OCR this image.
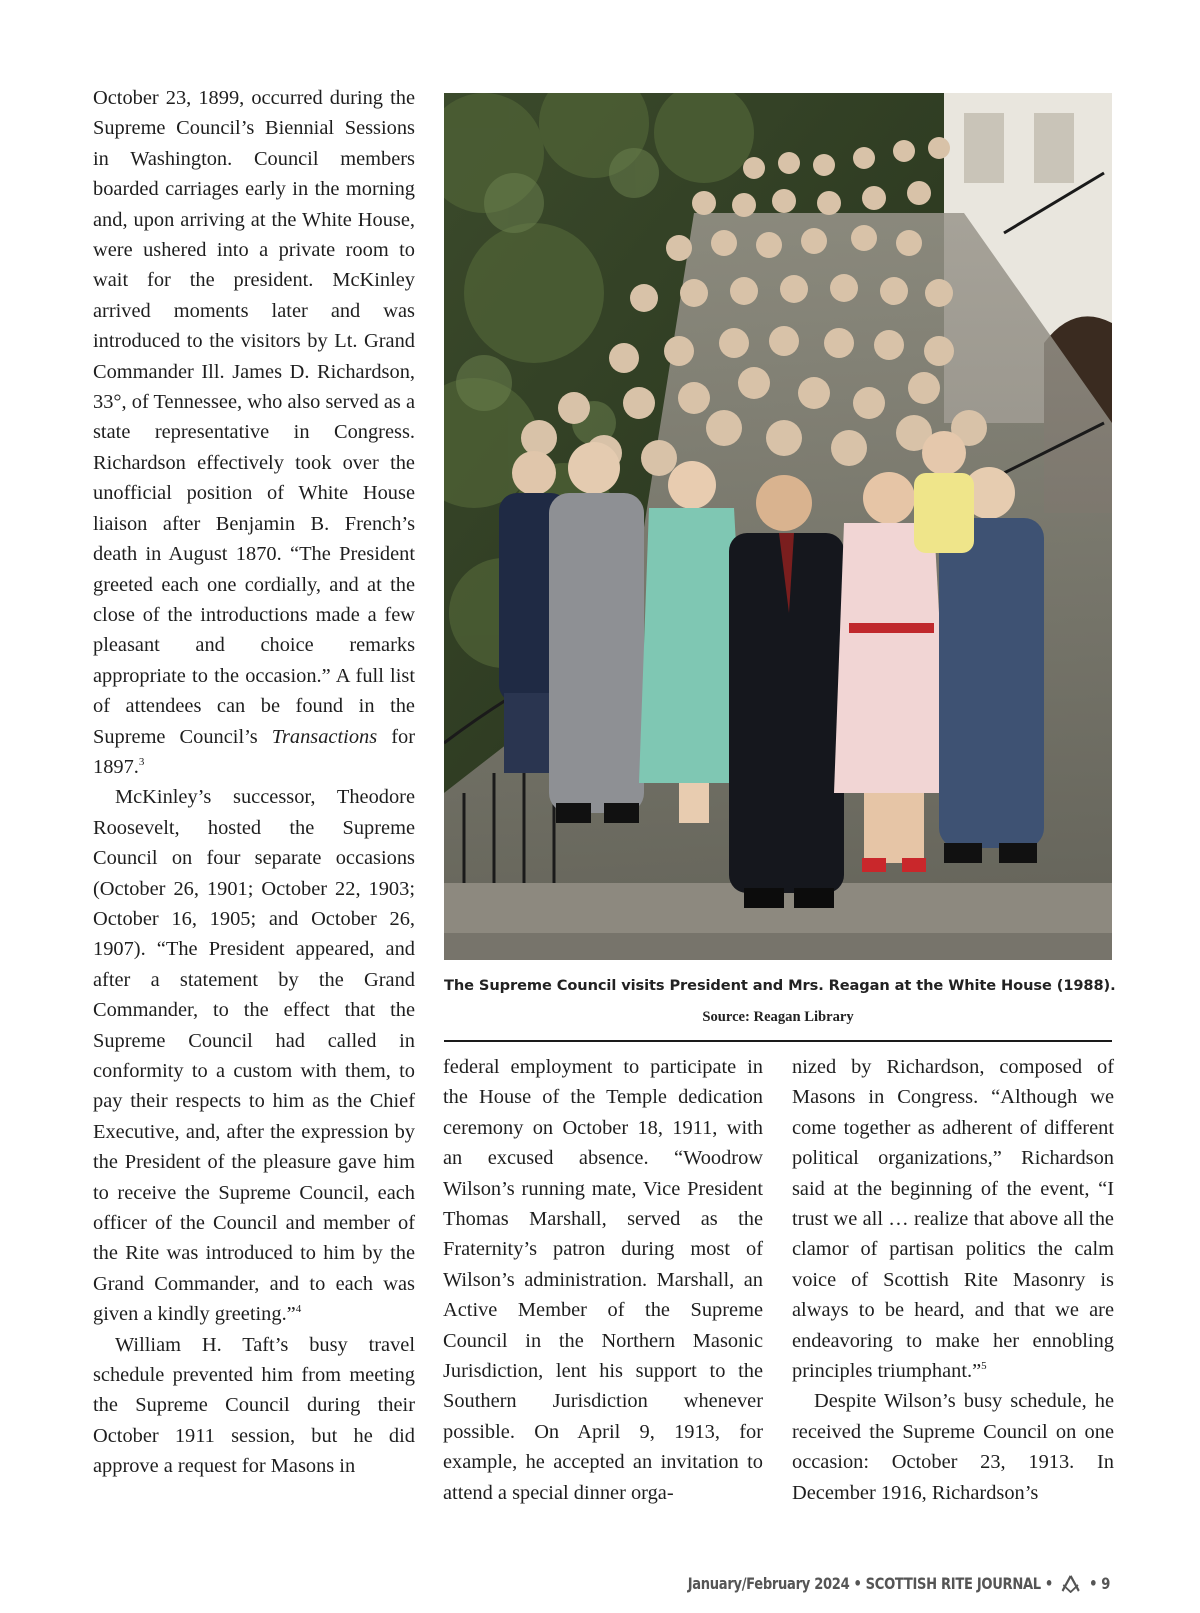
October 23, 1899, occurred during the Supreme Council’s Biennial Sessions in Washington. Council members boarded carriages early in the morning and, upon arriving at the White House, were ushered into a private room to wait for the president. McKinley arrived moments later and was introduced to the visitors by Lt. Grand Commander Ill. James D. Richardson, 33°, of Tennessee, who also served as a state representative in Congress. Richardson effectively took over the unofficial position of White House liaison after Benjamin B. French’s death in August 1870. “The President greeted each one cordially, and at the close of the introductions made a few pleasant and choice remarks appropriate to the occasion.” A full list of attendees can be found in the Supreme Council’s Transactions for 1897.$^3$

McKinley’s successor, Theodore Roosevelt, hosted the Supreme Council on four separate occasions (October 26, 1901; October 22, 1903; October 16, 1905; and October 26, 1907). “The President appeared, and after a statement by the Grand Commander, to the effect that the Supreme Council had called in conformity to a custom with them, to pay their respects to him as the Chief Executive, and, after the expression by the President of the pleasure gave him to receive the Supreme Council, each officer of the Council and member of the Rite was introduced to him by the Grand Commander, and to each was given a kindly greeting.”$^4$

William H. Taft’s busy travel schedule prevented him from meeting the Supreme Council during their October 1911 session, but he did approve a request for Masons in

The Supreme Council visits President and Mrs. Reagan at the White House (1988).
Source: Reagan Library

federal employment to participate in the House of the Temple dedication ceremony on October 18, 1911, with an excused absence. “Woodrow Wilson’s running mate, Vice President Thomas Marshall, served as the Fraternity’s patron during most of Wilson’s administration. Marshall, an Active Member of the Supreme Council in the Northern Masonic Jurisdiction, lent his support to the Southern Jurisdiction whenever possible. On April 9, 1913, for example, he accepted an invitation to attend a special dinner orga-

nized by Richardson, composed of Masons in Congress. “Although we come together as adherent of different political organizations,” Richardson said at the beginning of the event, “I trust we all … realize that above all the clamor of partisan politics the calm voice of Scottish Rite Masonry is always to be heard, and that we are endeavoring to make her ennobling principles triumphant.”$^5$

Despite Wilson’s busy schedule, he received the Supreme Council on one occasion: October 23, 1913. In December 1916, Richardson’s

January/February 2024 • SCOTTISH RITE JOURNAL • • 9
